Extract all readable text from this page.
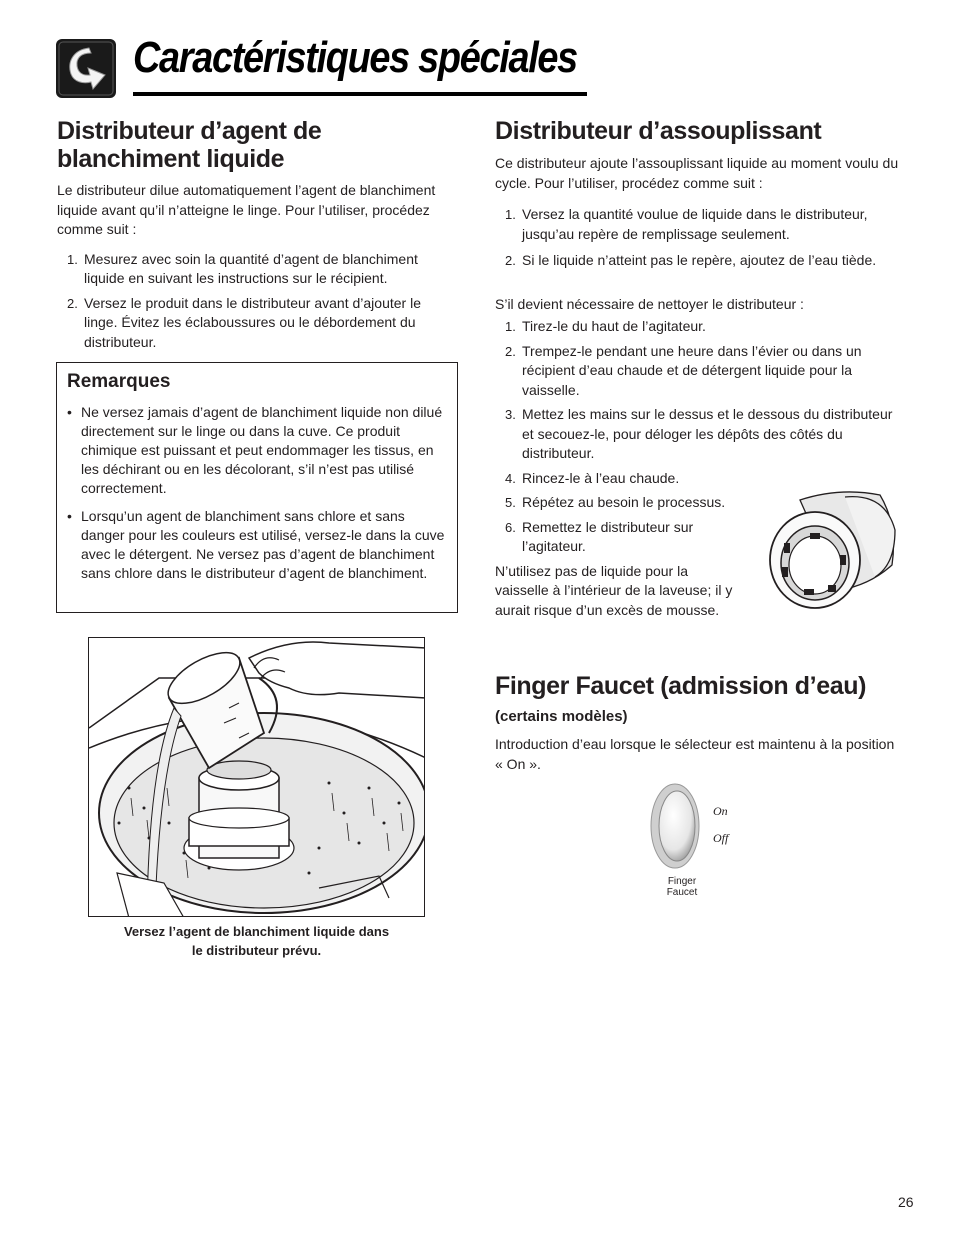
Caractéristiques spéciales
Distributeur d’agent de blanchiment liquide

Le distributeur dilue automatiquement l’agent de blanchiment liquide avant qu’il n’atteigne le linge. Pour l’utiliser, procédez comme suit :

1. Mesurez avec soin la quantité d’agent de blanchiment liquide en suivant les instructions sur le récipient.
2. Versez le produit dans le distributeur avant d’ajouter le linge. Évitez les éclaboussures ou le débordement du distributeur.
Remarques
• Ne versez jamais d’agent de blanchiment liquide non dilué directement sur le linge ou dans la cuve. Ce produit chimique est puissant et peut endommager les tissus, en les déchirant ou en les décolorant, s’il n’est pas utilisé correctement.
• Lorsqu’un agent de blanchiment sans chlore et sans danger pour les couleurs est utilisé, versez-le dans la cuve avec le détergent. Ne versez pas d’agent de blanchiment sans chlore dans le distributeur d’agent de blanchiment.
Versez l’agent de blanchiment liquide dans
le distributeur prévu.
Distributeur d’assouplissant

Ce distributeur ajoute l’assouplissant liquide au moment voulu du cycle. Pour l’utiliser, procédez comme suit :

1. Versez la quantité voulue de liquide dans le distributeur, jusqu’au repère de remplissage seulement.
2. Si le liquide n’atteint pas le repère, ajoutez de l’eau tiède.

S’il devient nécessaire de nettoyer le distributeur :

1. Tirez-le du haut de l’agitateur.
2. Trempez-le pendant une heure dans l’évier ou dans un récipient d’eau chaude et de détergent liquide pour la vaisselle.
3. Mettez les mains sur le dessus et le dessous du distributeur et secouez-le, pour déloger les dépôts des côtés du distributeur.
4. Rincez-le à l’eau chaude.
5. Répétez au besoin le processus.
6. Remettez le distributeur sur l’agitateur.

N’utilisez pas de liquide pour la vaisselle à l’intérieur de la laveuse; il y aurait risque d’un excès de mousse.

Finger Faucet (admission d’eau)
(certains modèles)

Introduction d’eau lorsque le sélecteur est maintenu à la position « On ».

On
Off
Finger
Faucet
26
